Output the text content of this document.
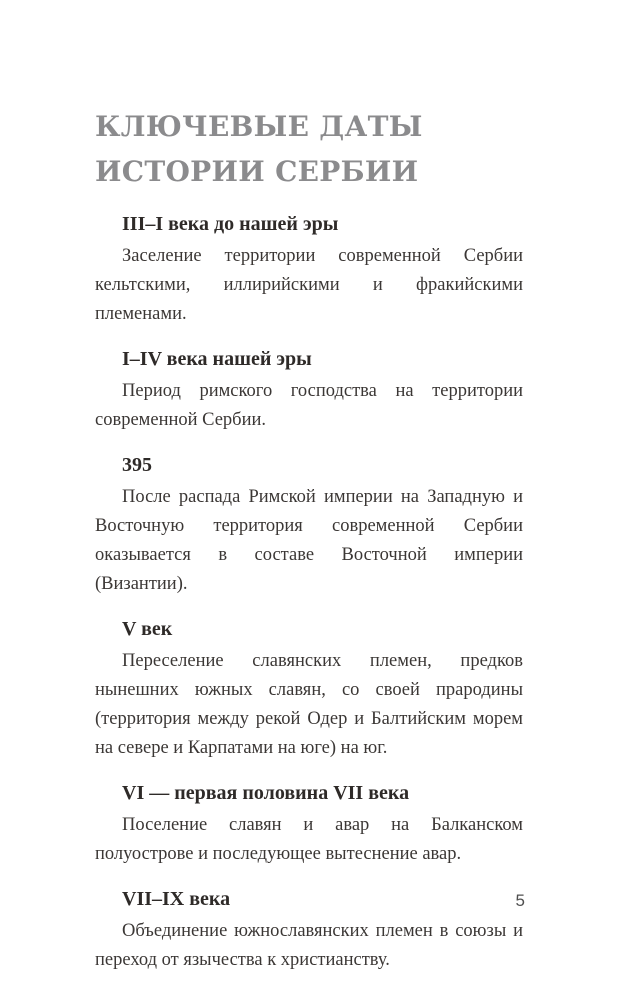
КЛЮЧЕВЫЕ ДАТЫ
ИСТОРИИ СЕРБИИ
III–I века до нашей эры

Заселение территории современной Сербии кельтскими, иллирийскими и фракийскими племенами.

I–IV века нашей эры

Период римского господства на территории современной Сербии.

395

После распада Римской империи на Западную и Восточную территория современной Сербии оказывается в составе Восточной империи (Византии).

V век

Переселение славянских племен, предков нынешних южных славян, со своей прародины (территория между рекой Одер и Балтийским морем на севере и Карпатами на юге) на юг.

VI — первая половина VII века

Поселение славян и авар на Балканском полуострове и последующее вытеснение авар.

VII–IX века

Объединение южнославянских племен в союзы и переход от язычества к христианству.

5
